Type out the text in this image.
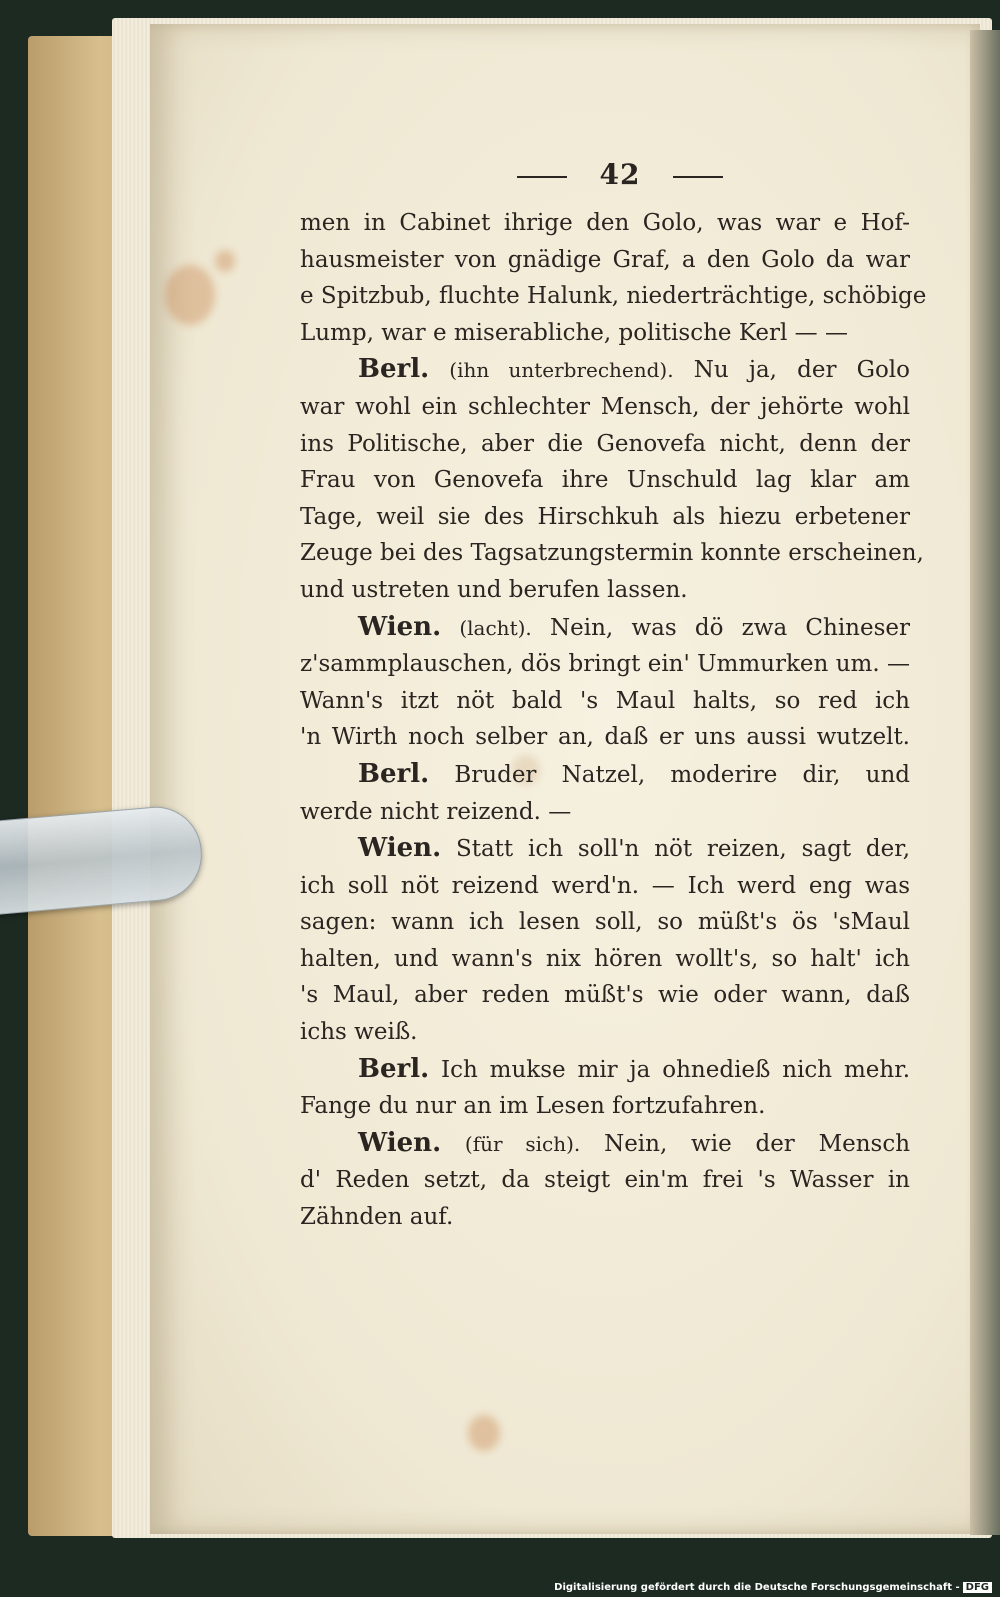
42
men in Cabinet ihrige den Golo, was war e Hof-
hausmeister von gnädige Graf, a den Golo da war
e Spitzbub, fluchte Halunk, niederträchtige, schöbige
Lump, war e miserabliche, politische Kerl — —
Berl. (ihn unterbrechend). Nu ja, der Golo
war wohl ein schlechter Mensch, der jehörte wohl
ins Politische, aber die Genovefa nicht, denn der
Frau von Genovefa ihre Unschuld lag klar am
Tage, weil sie des Hirschkuh als hiezu erbetener
Zeuge bei des Tagsatzungstermin konnte erscheinen,
und ustreten und berufen lassen.
Wien. (lacht). Nein, was dö zwa Chineser
z'sammplauschen, dös bringt ein' Ummurken um. —
Wann's itzt nöt bald 's Maul halts, so red ich
'n Wirth noch selber an, daß er uns aussi wutzelt.
Berl. Bruder Natzel, moderire dir, und
werde nicht reizend. —
Wien. Statt ich soll'n nöt reizen, sagt der,
ich soll nöt reizend werd'n. — Ich werd eng was
sagen: wann ich lesen soll, so müßt's ös 'sMaul
halten, und wann's nix hören wollt's, so halt' ich
's Maul, aber reden müßt's wie oder wann, daß
ichs weiß.
Berl. Ich mukse mir ja ohnedieß nich mehr.
Fange du nur an im Lesen fortzufahren.
Wien. (für sich). Nein, wie der Mensch
d' Reden setzt, da steigt ein'm frei 's Wasser in
Zähnden auf.
Digitalisierung gefördert durch die Deutsche Forschungsgemeinschaft - DFG
